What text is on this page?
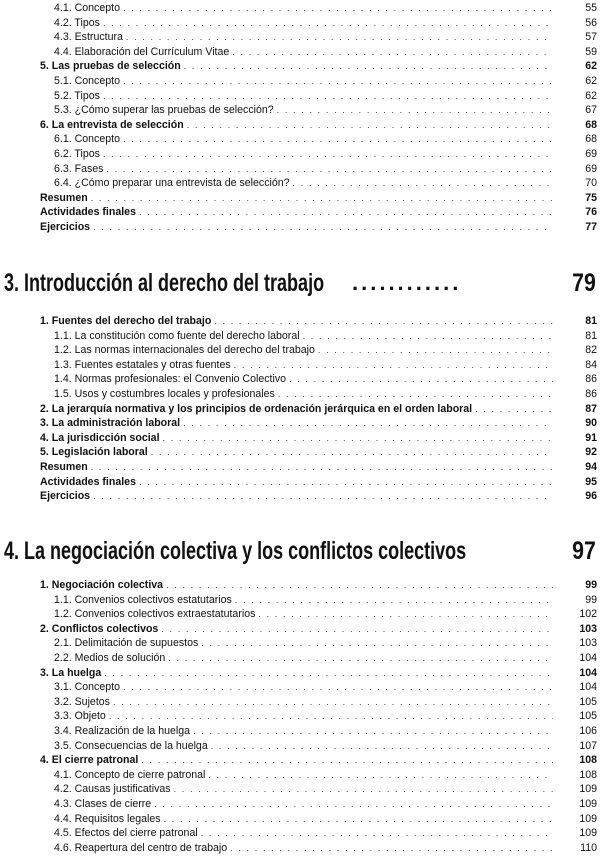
4.1. Concepto . . .	55
4.2. Tipos . . .	56
4.3. Estructura . . .	57
4.4. Elaboración del Currículum Vitae . . .	59
5. Las pruebas de selección . . .	62
5.1. Concepto . . .	62
5.2. Tipos . . .	62
5.3. ¿Cómo superar las pruebas de selección? . . .	67
6. La entrevista de selección . . .	68
6.1. Concepto . . .	68
6.2. Tipos . . .	69
6.3. Fases . . .	69
6.4. ¿Cómo preparar una entrevista de selección? . . .	70
Resumen . . .	75
Actividades finales . . .	76
Ejercicios . . .	77
3. Introducción al derecho del trabajo ............	79
1. Fuentes del derecho del trabajo . . .	81
1.1. La constitución como fuente del derecho laboral . . .	81
1.2. Las normas internacionales del derecho del trabajo . . .	82
1.3. Fuentes estatales y otras fuentes . . .	84
1.4. Normas profesionales: el Convenio Colectivo . . .	86
1.5. Usos y costumbres locales y profesionales . . .	86
2. La jerarquía normativa y los principios de ordenación jerárquica en el orden laboral . . .	87
3. La administración laboral . . .	90
4. La jurisdicción social . . .	91
5. Legislación laboral . . .	92
Resumen . . .	94
Actividades finales . . .	95
Ejercicios . . .	96
4. La negociación colectiva y los conflictos colectivos	97
1. Negociación colectiva . . .	99
1.1. Convenios colectivos estatutarios . . .	99
1.2. Convenios colectivos extraestatutarios . . .	102
2. Conflictos colectivos . . .	103
2.1. Delimitación de supuestos . . .	103
2.2. Medios de solución . . .	104
3. La huelga . . .	104
3.1. Concepto . . .	104
3.2. Sujetos . . .	105
3.3. Objeto . . .	105
3.4. Realización de la huelga . . .	106
3.5. Consecuencias de la huelga . . .	107
4. El cierre patronal . . .	108
4.1. Concepto de cierre patronal . . .	108
4.2. Causas justificativas . . .	109
4.3. Clases de cierre . . .	109
4.4. Requisitos legales . . .	109
4.5. Efectos del cierre patronal . . .	109
4.6. Reapertura del centro de trabajo . . .	110
